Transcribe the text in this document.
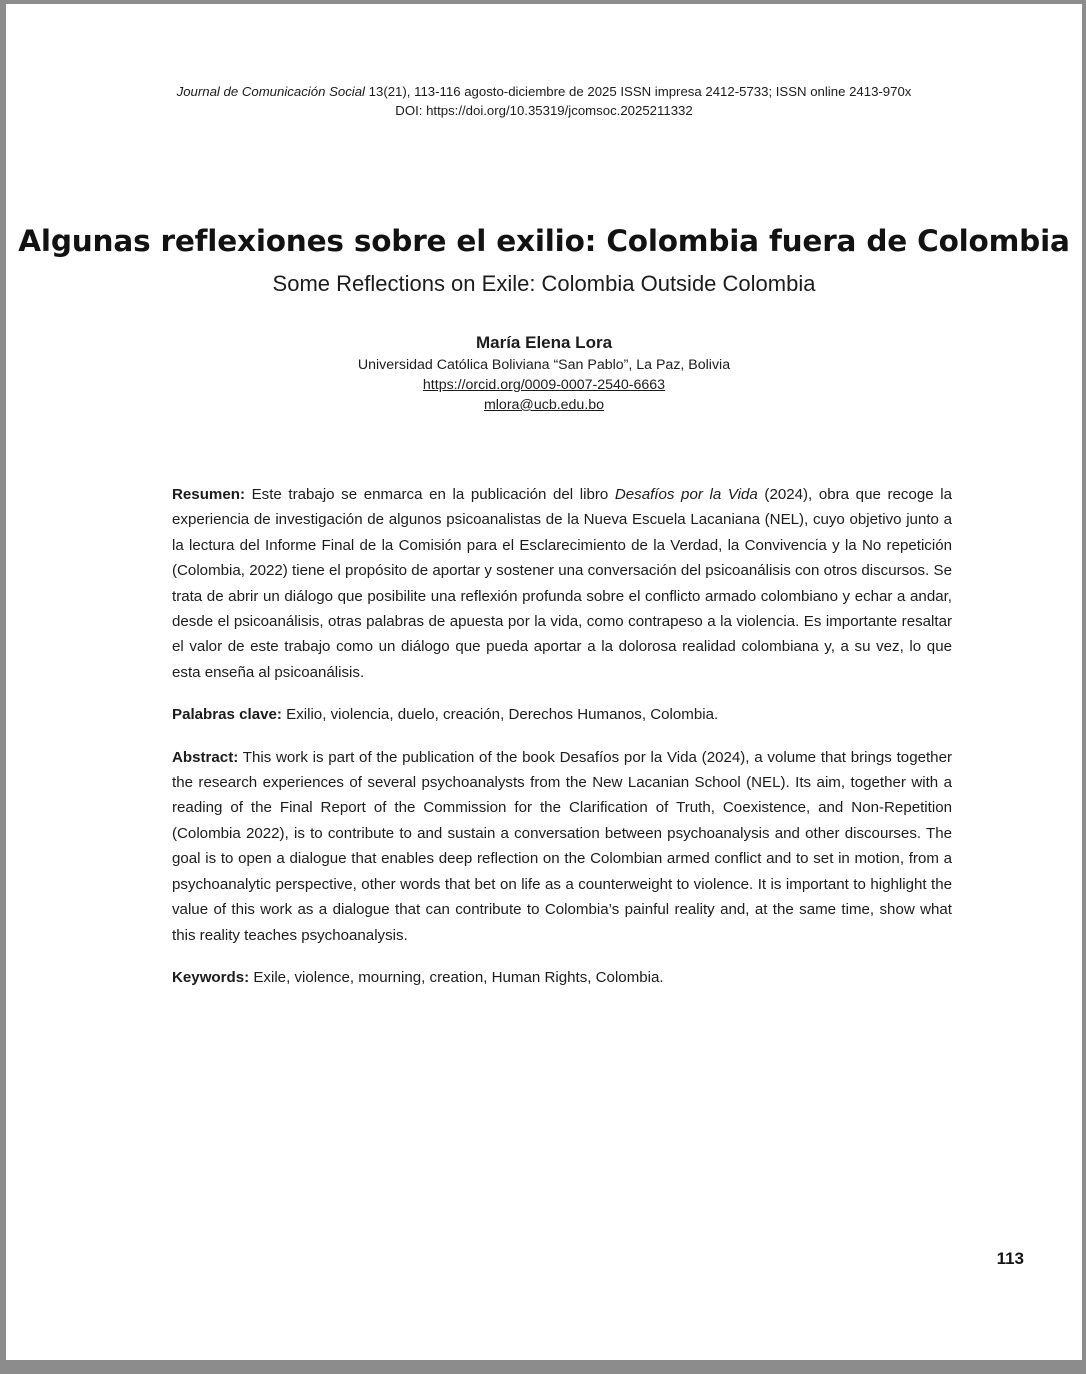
Journal de Comunicación Social 13(21), 113-116 agosto-diciembre de 2025 ISSN impresa 2412-5733; ISSN online 2413-970x
DOI: https://doi.org/10.35319/jcomsoc.2025211332
Algunas reflexiones sobre el exilio: Colombia fuera de Colombia
Some Reflections on Exile: Colombia Outside Colombia
María Elena Lora
Universidad Católica Boliviana “San Pablo”, La Paz, Bolivia
https://orcid.org/0009-0007-2540-6663
mlora@ucb.edu.bo

Resumen: Este trabajo se enmarca en la publicación del libro Desafíos por la Vida (2024), obra que recoge la experiencia de investigación de algunos psicoanalistas de la Nueva Escuela Lacaniana (NEL), cuyo objetivo junto a la lectura del Informe Final de la Comisión para el Esclarecimiento de la Verdad, la Convivencia y la No repetición (Colombia, 2022) tiene el propósito de aportar y sostener una conversación del psicoanálisis con otros discursos. Se trata de abrir un diálogo que posibilite una reflexión profunda sobre el conflicto armado colombiano y echar a andar, desde el psicoanálisis, otras palabras de apuesta por la vida, como contrapeso a la violencia. Es importante resaltar el valor de este trabajo como un diálogo que pueda aportar a la dolorosa realidad colombiana y, a su vez, lo que esta enseña al psicoanálisis.

Palabras clave: Exilio, violencia, duelo, creación, Derechos Humanos, Colombia.

Abstract: This work is part of the publication of the book Desafíos por la Vida (2024), a volume that brings together the research experiences of several psychoanalysts from the New Lacanian School (NEL). Its aim, together with a reading of the Final Report of the Commission for the Clarification of Truth, Coexistence, and Non-Repetition (Colombia 2022), is to contribute to and sustain a conversation between psychoanalysis and other discourses. The goal is to open a dialogue that enables deep reflection on the Colombian armed conflict and to set in motion, from a psychoanalytic perspective, other words that bet on life as a counterweight to violence. It is important to highlight the value of this work as a dialogue that can contribute to Colombia’s painful reality and, at the same time, show what this reality teaches psychoanalysis.

Keywords: Exile, violence, mourning, creation, Human Rights, Colombia.

113
